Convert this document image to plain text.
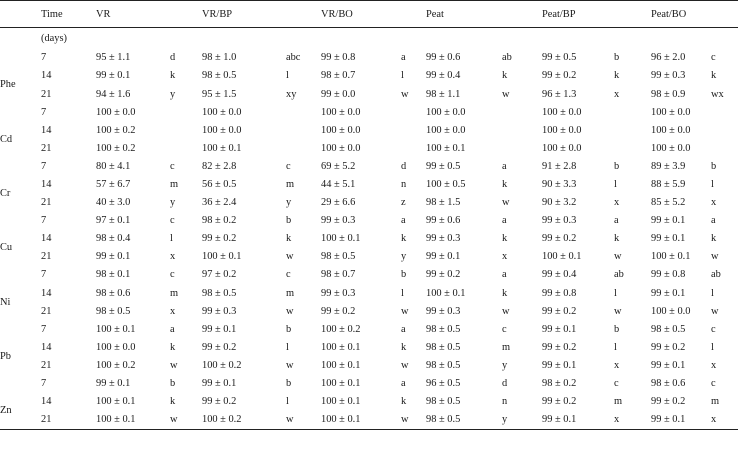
	Time	VR		VR/BP		VR/BO		Peat		Peat/BP		Peat/BO	
	(days)												
	7	95 ± 1.1	d	98 ± 1.0	abc	99 ± 0.8	a	99 ± 0.6	ab	99 ± 0.5	b	96 ± 2.0	c
Phe	14	99 ± 0.1	k	98 ± 0.5	l	98 ± 0.7	l	99 ± 0.4	k	99 ± 0.2	k	99 ± 0.3	k
	21	94 ± 1.6	y	95 ± 1.5	xy	99 ± 0.0	w	98 ± 1.1	w	96 ± 1.3	x	98 ± 0.9	wx
	7	100 ± 0.0		100 ± 0.0		100 ± 0.0		100 ± 0.0		100 ± 0.0		100 ± 0.0	
Cd	14	100 ± 0.2		100 ± 0.0		100 ± 0.0		100 ± 0.0		100 ± 0.0		100 ± 0.0	
	21	100 ± 0.2		100 ± 0.1		100 ± 0.0		100 ± 0.1		100 ± 0.0		100 ± 0.0	
	7	80 ± 4.1	c	82 ± 2.8	c	69 ± 5.2	d	99 ± 0.5	a	91 ± 2.8	b	89 ± 3.9	b
Cr	14	57 ± 6.7	m	56 ± 0.5	m	44 ± 5.1	n	100 ± 0.5	k	90 ± 3.3	l	88 ± 5.9	l
	21	40 ± 3.0	y	36 ± 2.4	y	29 ± 6.6	z	98 ± 1.5	w	90 ± 3.2	x	85 ± 5.2	x
	7	97 ± 0.1	c	98 ± 0.2	b	99 ± 0.3	a	99 ± 0.6	a	99 ± 0.3	a	99 ± 0.1	a
Cu	14	98 ± 0.4	l	99 ± 0.2	k	100 ± 0.1	k	99 ± 0.3	k	99 ± 0.2	k	99 ± 0.1	k
	21	99 ± 0.1	x	100 ± 0.1	w	98 ± 0.5	y	99 ± 0.1	x	100 ± 0.1	w	100 ± 0.1	w
	7	98 ± 0.1	c	97 ± 0.2	c	98 ± 0.7	b	99 ± 0.2	a	99 ± 0.4	ab	99 ± 0.8	ab
Ni	14	98 ± 0.6	m	98 ± 0.5	m	99 ± 0.3	l	100 ± 0.1	k	99 ± 0.8	l	99 ± 0.1	l
	21	98 ± 0.5	x	99 ± 0.3	w	99 ± 0.2	w	99 ± 0.3	w	99 ± 0.2	w	100 ± 0.0	w
	7	100 ± 0.1	a	99 ± 0.1	b	100 ± 0.2	a	98 ± 0.5	c	99 ± 0.1	b	98 ± 0.5	c
Pb	14	100 ± 0.0	k	99 ± 0.2	l	100 ± 0.1	k	98 ± 0.5	m	99 ± 0.2	l	99 ± 0.2	l
	21	100 ± 0.2	w	100 ± 0.2	w	100 ± 0.1	w	98 ± 0.5	y	99 ± 0.1	x	99 ± 0.1	x
	7	99 ± 0.1	b	99 ± 0.1	b	100 ± 0.1	a	96 ± 0.5	d	98 ± 0.2	c	98 ± 0.6	c
Zn	14	100 ± 0.1	k	99 ± 0.2	l	100 ± 0.1	k	98 ± 0.5	n	99 ± 0.2	m	99 ± 0.2	m
	21	100 ± 0.1	w	100 ± 0.2	w	100 ± 0.1	w	98 ± 0.5	y	99 ± 0.1	x	99 ± 0.1	x
